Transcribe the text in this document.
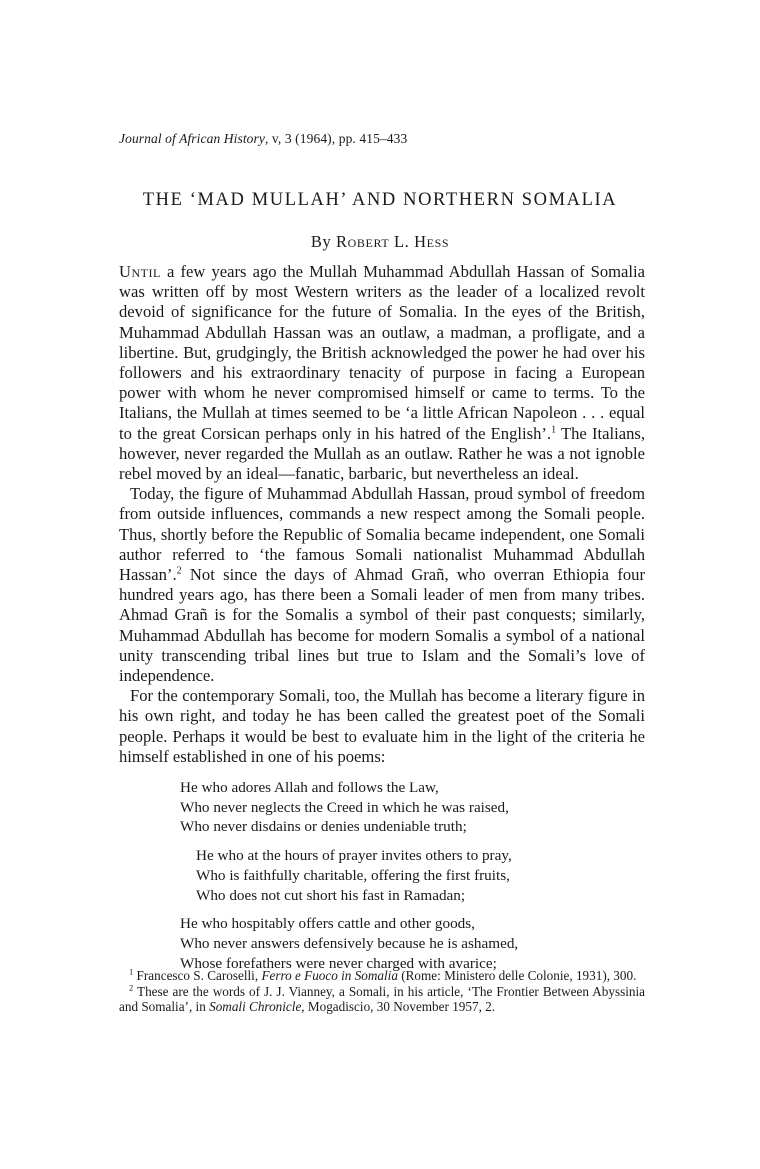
Journal of African History, v, 3 (1964), pp. 415–433
THE ‘MAD MULLAH’ AND NORTHERN SOMALIA
By Robert L. Hess

Until a few years ago the Mullah Muhammad Abdullah Hassan of Somalia was written off by most Western writers as the leader of a localized revolt devoid of significance for the future of Somalia. In the eyes of the British, Muhammad Abdullah Hassan was an outlaw, a madman, a profligate, and a libertine. But, grudgingly, the British acknowledged the power he had over his followers and his extraordinary tenacity of purpose in facing a European power with whom he never compromised himself or came to terms. To the Italians, the Mullah at times seemed to be ‘a little African Napoleon . . . equal to the great Corsican perhaps only in his hatred of the English’.$^1$ The Italians, however, never regarded the Mullah as an outlaw. Rather he was a not ignoble rebel moved by an ideal—fanatic, barbaric, but nevertheless an ideal.

Today, the figure of Muhammad Abdullah Hassan, proud symbol of freedom from outside influences, commands a new respect among the Somali people. Thus, shortly before the Republic of Somalia became independent, one Somali author referred to ‘the famous Somali nationalist Muhammad Abdullah Hassan’.$^2$ Not since the days of Ahmad Grañ, who overran Ethiopia four hundred years ago, has there been a Somali leader of men from many tribes. Ahmad Grañ is for the Somalis a symbol of their past conquests; similarly, Muhammad Abdullah has become for modern Somalis a symbol of a national unity transcending tribal lines but true to Islam and the Somali’s love of independence.

For the contemporary Somali, too, the Mullah has become a literary figure in his own right, and today he has been called the greatest poet of the Somali people. Perhaps it would be best to evaluate him in the light of the criteria he himself established in one of his poems:

He who adores Allah and follows the Law,
Who never neglects the Creed in which he was raised,
Who never disdains or denies undeniable truth;
He who at the hours of prayer invites others to pray,
Who is faithfully charitable, offering the first fruits,
Who does not cut short his fast in Ramadan;
He who hospitably offers cattle and other goods,
Who never answers defensively because he is ashamed,
Whose forefathers were never charged with avarice;

$^1$ Francesco S. Caroselli, Ferro e Fuoco in Somalia (Rome: Ministero delle Colonie, 1931), 300.

$^2$ These are the words of J. J. Vianney, a Somali, in his article, ‘The Frontier Between Abyssinia and Somalia’, in Somali Chronicle, Mogadiscio, 30 November 1957, 2.
